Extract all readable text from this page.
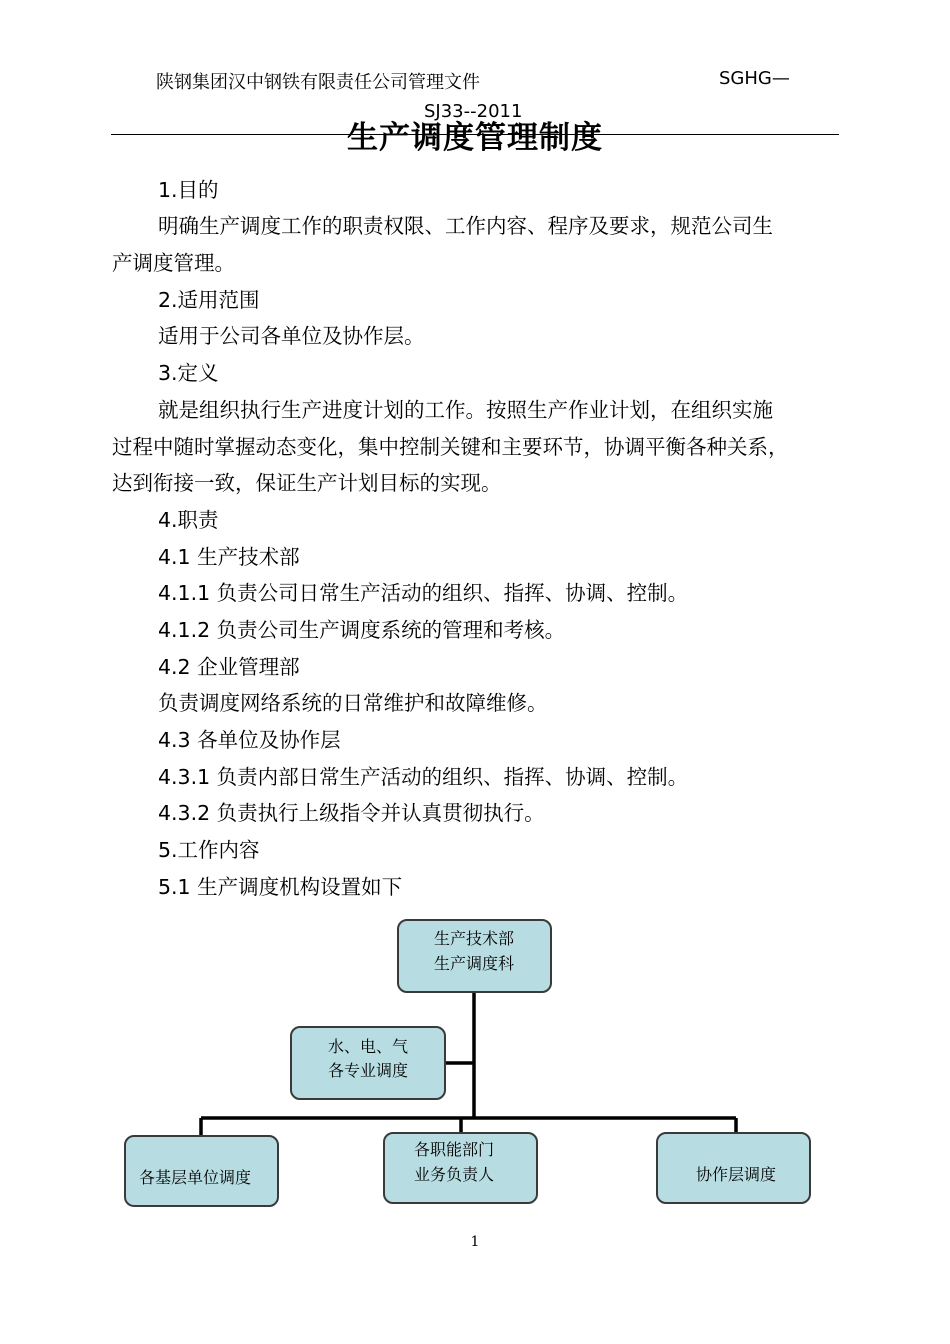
陕钢集团汉中钢铁有限责任公司管理文件	SGHG—
SJ33--2011
生产调度管理制度
1.目的
明确生产调度工作的职责权限、工作内容、程序及要求，规范公司生
产调度管理。
2.适用范围
适用于公司各单位及协作层。
3.定义
就是组织执行生产进度计划的工作。按照生产作业计划，在组织实施
过程中随时掌握动态变化，集中控制关键和主要环节，协调平衡各种关系，
达到衔接一致，保证生产计划目标的实现。
4.职责
4.1 生产技术部
4.1.1 负责公司日常生产活动的组织、指挥、协调、控制。
4.1.2 负责公司生产调度系统的管理和考核。
4.2 企业管理部
负责调度网络系统的日常维护和故障维修。
4.3 各单位及协作层
4.3.1 负责内部日常生产活动的组织、指挥、协调、控制。
4.3.2 负责执行上级指令并认真贯彻执行。
5.工作内容
5.1 生产调度机构设置如下
生产技术部
生产调度科
水、电、气
各专业调度
各基层单位调度
各职能部门
业务负责人	协作层调度
1
